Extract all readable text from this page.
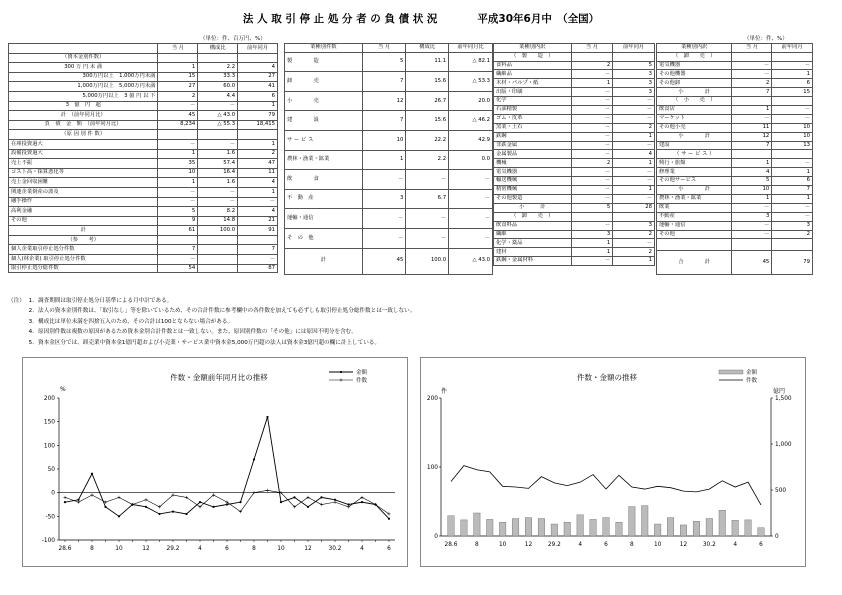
法 人 取 引 停 止 処 分 者 の 負 債 状 況	平成30年6月中　（全国）
（単位：件、百万円、%）	（単位：件、%）
	当 月	構成比	前年同月
（資本金別件数）			
300 万 円 未 満	1	2.2	4
300万円以上　1,000万円未満	15	33.3	27
1,000万円以上　5,000万円未満	27	60.0	41
5,000万円以上　3 億 円 以 下	2	4.4	6
3　億　円　超	－	－	1
計　（前年同月比）	45	△ 43.0	79
負　債　金　額　（前年同月比）	8,234	△ 55.3	18,415
（原 因 別 件 数）			
在庫投資過大	－	－	1
設備投資過大	1	1.6	2
売上不振	35	57.4	47
コスト高・採算悪化等	10	16.4	11
売上金回収困難	1	1.6	4
関連企業倒産の波及	－	－	1
融手操作	－	－	－
高利金融	5	8.2	4
その他	9	14.8	21
計	61	100.0	91
（参　　考）			
個人企業取引停止処分件数	7		7
個人(林企業) 取引停止処分件数	－		－
取引停止処分総件数	54		87
業種別件数	当 月	構成比	前年同月比
製　　　　造	5	11.1	△ 82.1
卸　　　　売	7	15.6	△ 53.3
小　　　　売	12	26.7	20.0
建　　　　設	7	15.6	△ 46.2
サ ー ビ ス	10	22.2	42.9
農林・漁業・鉱業	1	2.2	0.0
飲　　　　食	－	－	－
不　動　産	3	6.7	－
運輸・通信	－	－	－
そ　の　他	－	－	－
計	45	100.0	△ 43.0
業種別内訳	当 月	前年同月
（　製　　造　）		
食料品	2	5
繊維品	－	3
木材・パルプ・紙	1	3
出版・印刷	－	3
化学	－	－
石油精製	－	－
ゴム・皮革	－	－
窯業・土石	－	2
鉄鋼	－	1
非鉄金属	－	－
金属製品	－	4
機械	2	1
電気機器	－	－
輸送機械	－	－
精密機械	－	1
その他製造	－	－
小　　　計	5	28
（　卸　　売　）		
飲食料品	－	3
繊維	3	2
化学・薬品	1	－
建材	1	2
鉄鋼・金属材料	－	1
業種別内訳	当 月	前年同月
（　卸　　売　）		
電気機器	－	－
その他機器	－	1
その他卸	2	6
小　　　　計	7	15
（　小　　売　）		
飲食店	1	－
マーケット	－	－
その他小売	11	10
小　　　　計	12	10
建設	7	13
（ サ ー ビ ス ）		
興行・旅館	1	－
修理業	4	1
その他サービス	5	6
小　　　　計	10	7
農林・漁業・鉱業	1	1
飲業	－	－
不動産	3	－
運輸・通信	－	3
その他	－	2

合　　　　計	45	79
（注） 1. 調査期間は取引停止処分日基準による月中計である。
2. 法人の資本金別件数は、「取引なし」等を除いているため、その合計件数に参考欄中の各件数を加えても必ずしも取引停止処分総件数とは一致しない。
3. 構成比は単位未満を四捨五入のため、その合計は100とならない場合がある。
4. 原因別件数は複数の原因があるため資本金別合計件数とは一致しない。また、原因別件数の「その他」には原因不明分を含む。
5. 資本金区分では、卸売業中資本金1億円超および小売業・サービス業中資本金5,000万円超の法人は資本金3億円超の欄に計上している。
件数・金額前年同月比の推移
%
200
150
100
50
0
-50
-100
28.6	8	10	12	29.2	4	6	8	10	12	30.2	4	6
金額
件数	件数・金額の推移
件	億円
200
100
0
1,500
1,000
500
0
28.6	8	10	12	29.2	4	6	8	10	12	30.2	4	6
金額
件数
